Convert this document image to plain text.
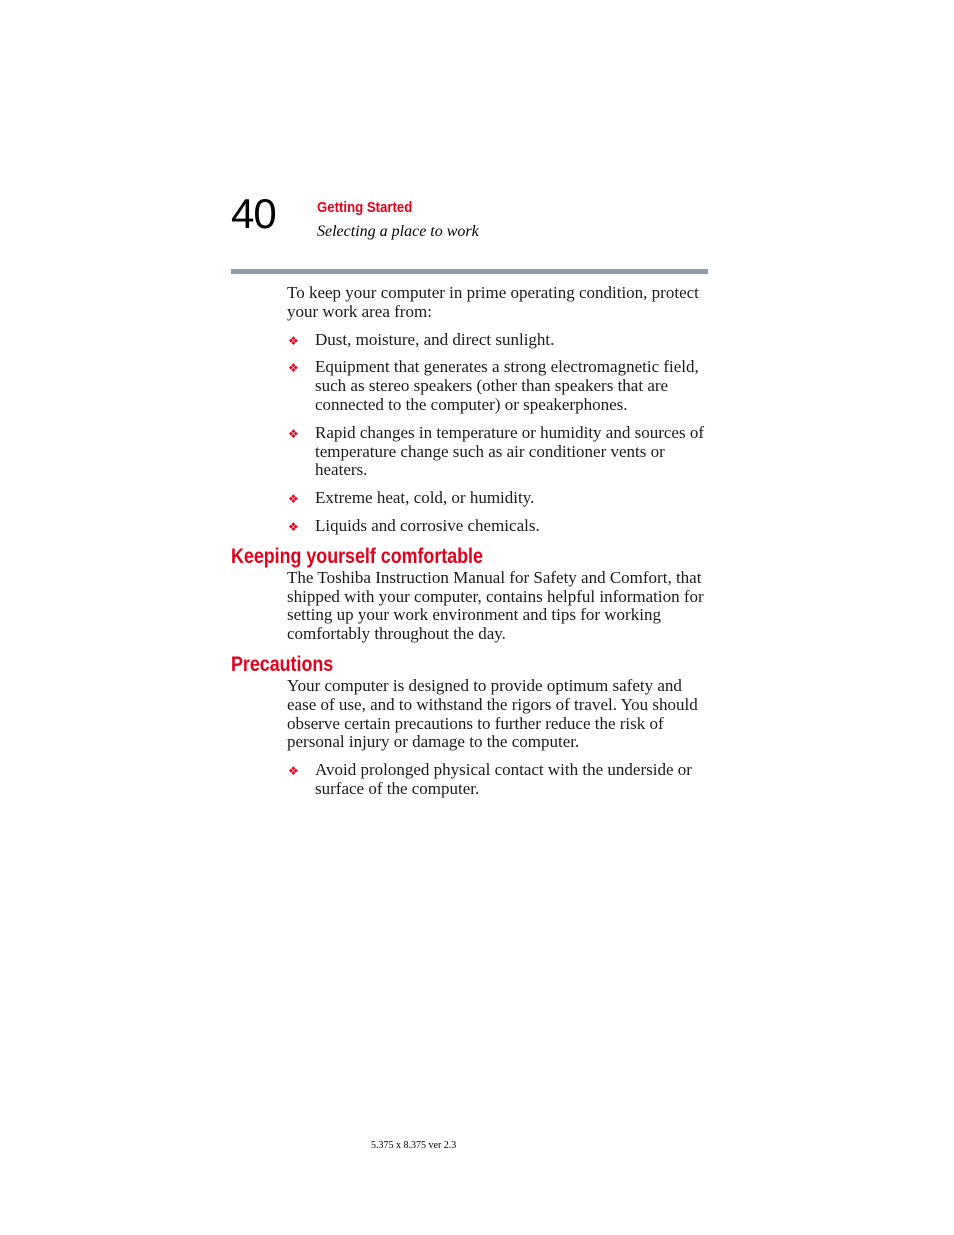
40	Getting Started
Selecting a place to work

To keep your computer in prime operating condition, protect your work area from:

❖ Dust, moisture, and direct sunlight.
❖ Equipment that generates a strong electromagnetic field, such as stereo speakers (other than speakers that are connected to the computer) or speakerphones.
❖ Rapid changes in temperature or humidity and sources of temperature change such as air conditioner vents or heaters.
❖ Extreme heat, cold, or humidity.
❖ Liquids and corrosive chemicals.
Keeping yourself comfortable

The Toshiba Instruction Manual for Safety and Comfort, that shipped with your computer, contains helpful information for setting up your work environment and tips for working comfortably throughout the day.

Precautions

Your computer is designed to provide optimum safety and ease of use, and to withstand the rigors of travel. You should observe certain precautions to further reduce the risk of personal injury or damage to the computer.

❖ Avoid prolonged physical contact with the underside or surface of the computer.
5.375 x 8.375 ver 2.3
